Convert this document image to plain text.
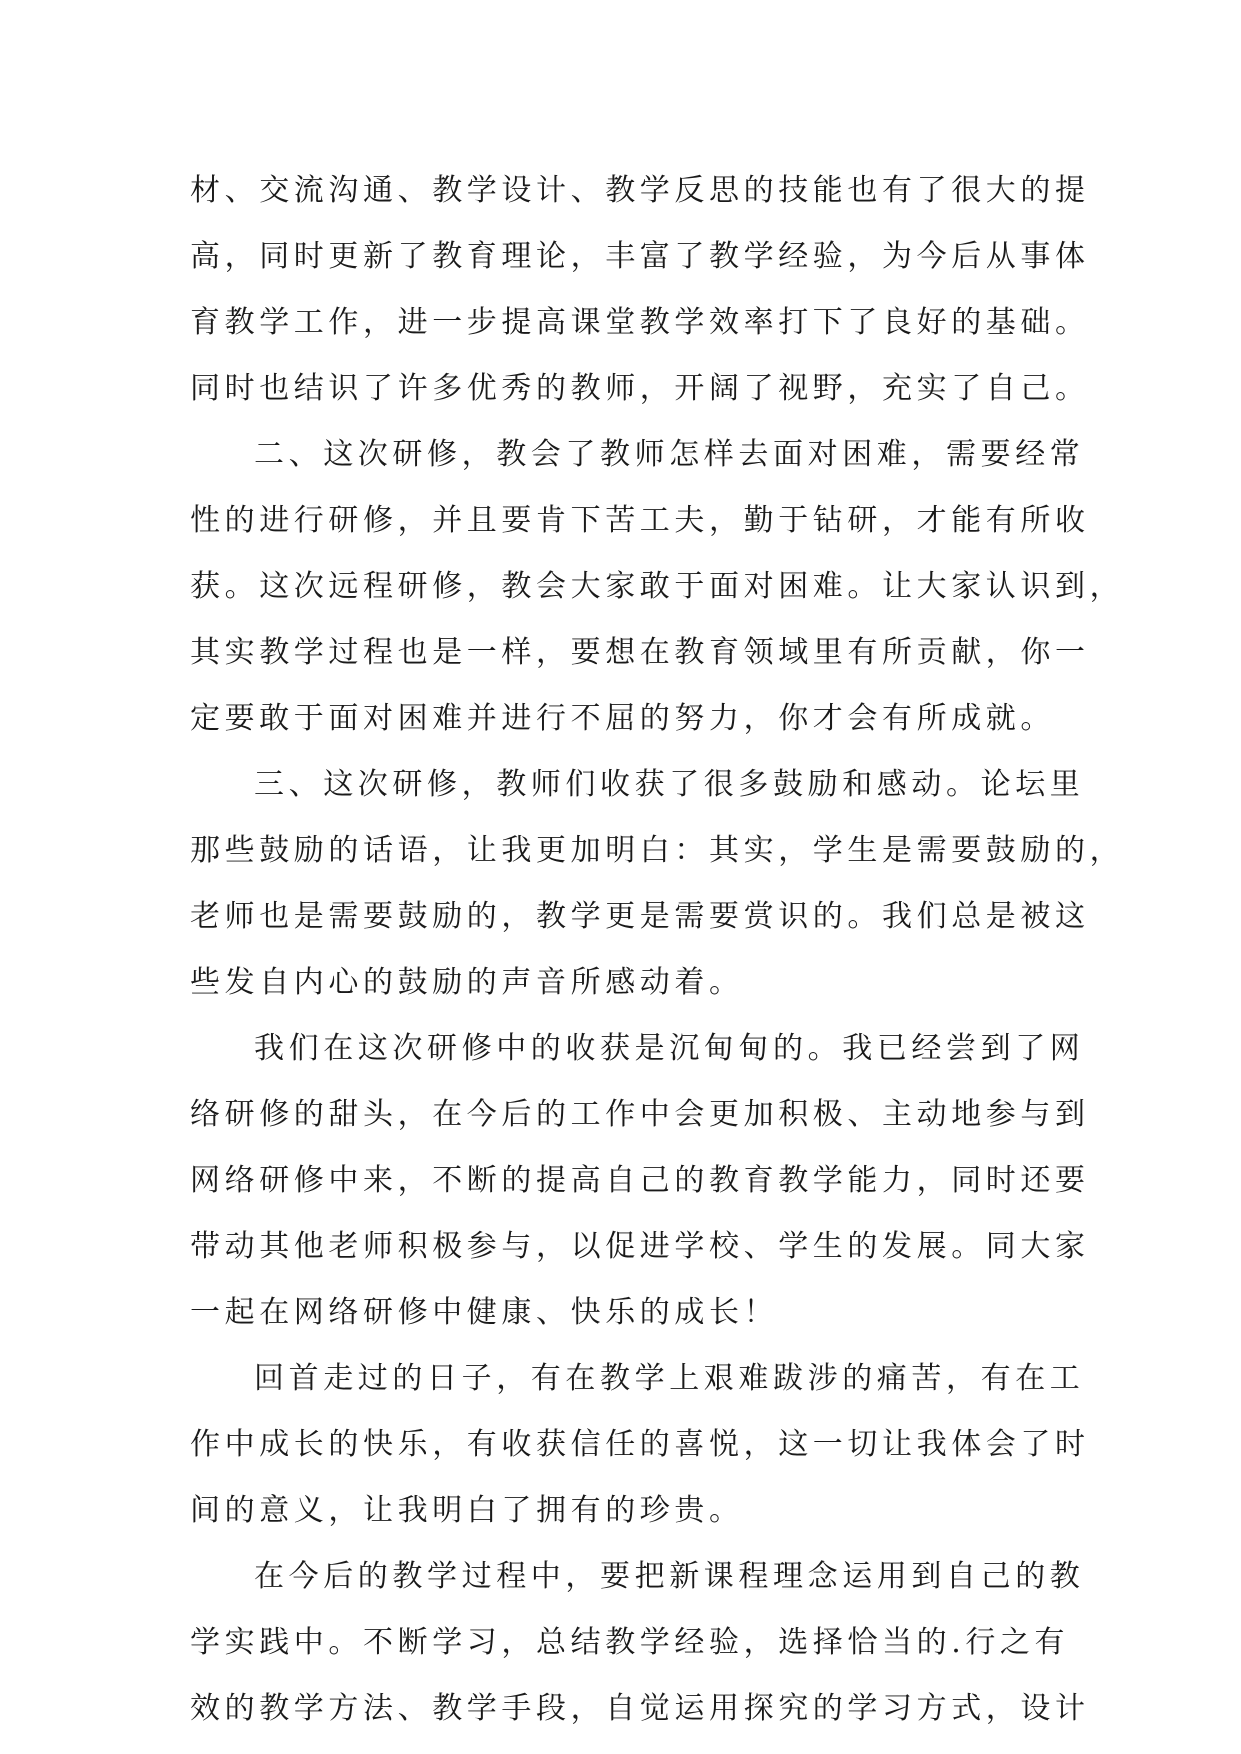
材、交流沟通、教学设计、教学反思的技能也有了很大的提
高，同时更新了教育理论，丰富了教学经验，为今后从事体
育教学工作，进一步提高课堂教学效率打下了良好的基础。
同时也结识了许多优秀的教师，开阔了视野，充实了自己。
二、这次研修，教会了教师怎样去面对困难，需要经常
性的进行研修，并且要肯下苦工夫，勤于钻研，才能有所收
获。这次远程研修，教会大家敢于面对困难。让大家认识到，
其实教学过程也是一样，要想在教育领域里有所贡献，你一
定要敢于面对困难并进行不屈的努力，你才会有所成就。
三、这次研修，教师们收获了很多鼓励和感动。论坛里
那些鼓励的话语，让我更加明白：其实，学生是需要鼓励的，
老师也是需要鼓励的，教学更是需要赏识的。我们总是被这
些发自内心的鼓励的声音所感动着。
我们在这次研修中的收获是沉甸甸的。我已经尝到了网
络研修的甜头，在今后的工作中会更加积极、主动地参与到
网络研修中来，不断的提高自己的教育教学能力，同时还要
带动其他老师积极参与，以促进学校、学生的发展。同大家
一起在网络研修中健康、快乐的成长！
回首走过的日子，有在教学上艰难跋涉的痛苦，有在工
作中成长的快乐，有收获信任的喜悦，这一切让我体会了时
间的意义，让我明白了拥有的珍贵。
在今后的教学过程中，要把新课程理念运用到自己的教
学实践中。不断学习，总结教学经验，选择恰当的.行之有
效的教学方法、教学手段，自觉运用探究的学习方式，设计
